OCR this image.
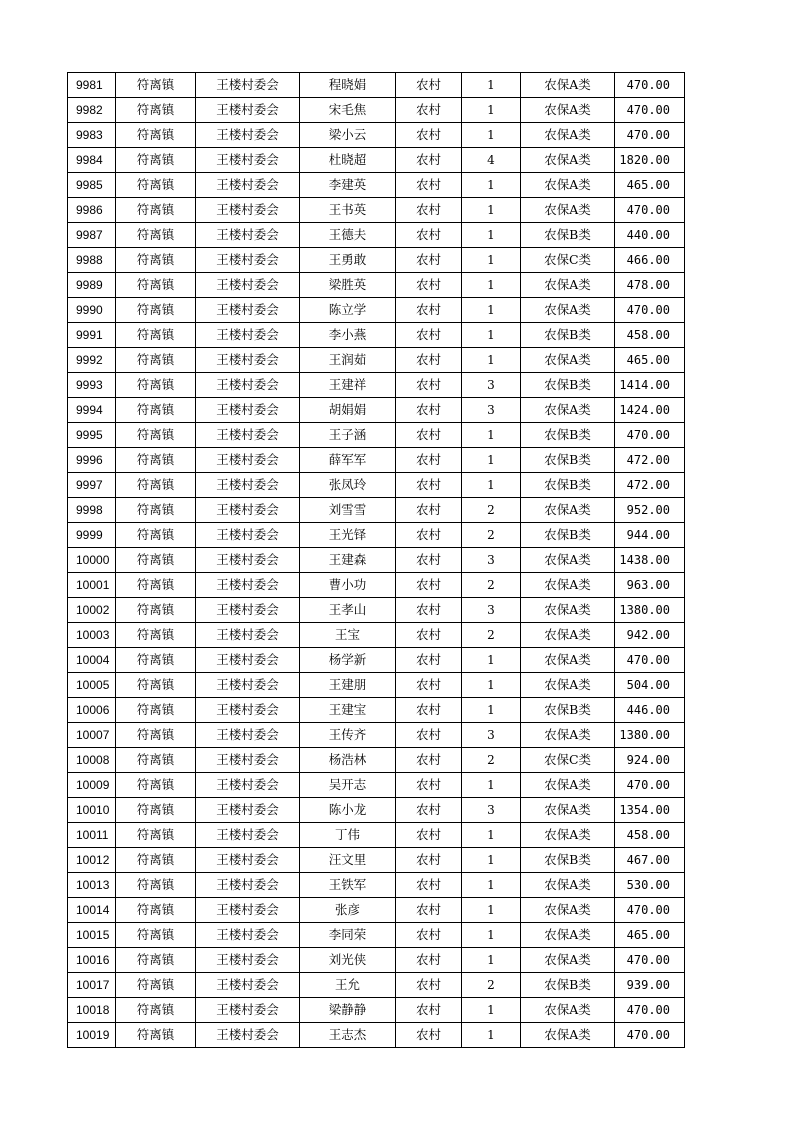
9981	符离镇	王楼村委会	程晓娟	农村	1	农保A类	470.00
9982	符离镇	王楼村委会	宋毛焦	农村	1	农保A类	470.00
9983	符离镇	王楼村委会	梁小云	农村	1	农保A类	470.00
9984	符离镇	王楼村委会	杜晓超	农村	4	农保A类	1820.00
9985	符离镇	王楼村委会	李建英	农村	1	农保A类	465.00
9986	符离镇	王楼村委会	王书英	农村	1	农保A类	470.00
9987	符离镇	王楼村委会	王德夫	农村	1	农保B类	440.00
9988	符离镇	王楼村委会	王勇敢	农村	1	农保C类	466.00
9989	符离镇	王楼村委会	梁胜英	农村	1	农保A类	478.00
9990	符离镇	王楼村委会	陈立学	农村	1	农保A类	470.00
9991	符离镇	王楼村委会	李小燕	农村	1	农保B类	458.00
9992	符离镇	王楼村委会	王润茹	农村	1	农保A类	465.00
9993	符离镇	王楼村委会	王建祥	农村	3	农保B类	1414.00
9994	符离镇	王楼村委会	胡娟娟	农村	3	农保A类	1424.00
9995	符离镇	王楼村委会	王子涵	农村	1	农保B类	470.00
9996	符离镇	王楼村委会	薛军军	农村	1	农保B类	472.00
9997	符离镇	王楼村委会	张凤玲	农村	1	农保B类	472.00
9998	符离镇	王楼村委会	刘雪雪	农村	2	农保A类	952.00
9999	符离镇	王楼村委会	王光铎	农村	2	农保B类	944.00
10000	符离镇	王楼村委会	王建森	农村	3	农保A类	1438.00
10001	符离镇	王楼村委会	曹小功	农村	2	农保A类	963.00
10002	符离镇	王楼村委会	王孝山	农村	3	农保A类	1380.00
10003	符离镇	王楼村委会	王宝	农村	2	农保A类	942.00
10004	符离镇	王楼村委会	杨学新	农村	1	农保A类	470.00
10005	符离镇	王楼村委会	王建朋	农村	1	农保A类	504.00
10006	符离镇	王楼村委会	王建宝	农村	1	农保B类	446.00
10007	符离镇	王楼村委会	王传齐	农村	3	农保A类	1380.00
10008	符离镇	王楼村委会	杨浩林	农村	2	农保C类	924.00
10009	符离镇	王楼村委会	吴开志	农村	1	农保A类	470.00
10010	符离镇	王楼村委会	陈小龙	农村	3	农保A类	1354.00
10011	符离镇	王楼村委会	丁伟	农村	1	农保A类	458.00
10012	符离镇	王楼村委会	汪文里	农村	1	农保B类	467.00
10013	符离镇	王楼村委会	王铁军	农村	1	农保A类	530.00
10014	符离镇	王楼村委会	张彦	农村	1	农保A类	470.00
10015	符离镇	王楼村委会	李同荣	农村	1	农保A类	465.00
10016	符离镇	王楼村委会	刘光侠	农村	1	农保A类	470.00
10017	符离镇	王楼村委会	王允	农村	2	农保B类	939.00
10018	符离镇	王楼村委会	梁静静	农村	1	农保A类	470.00
10019	符离镇	王楼村委会	王志杰	农村	1	农保A类	470.00
